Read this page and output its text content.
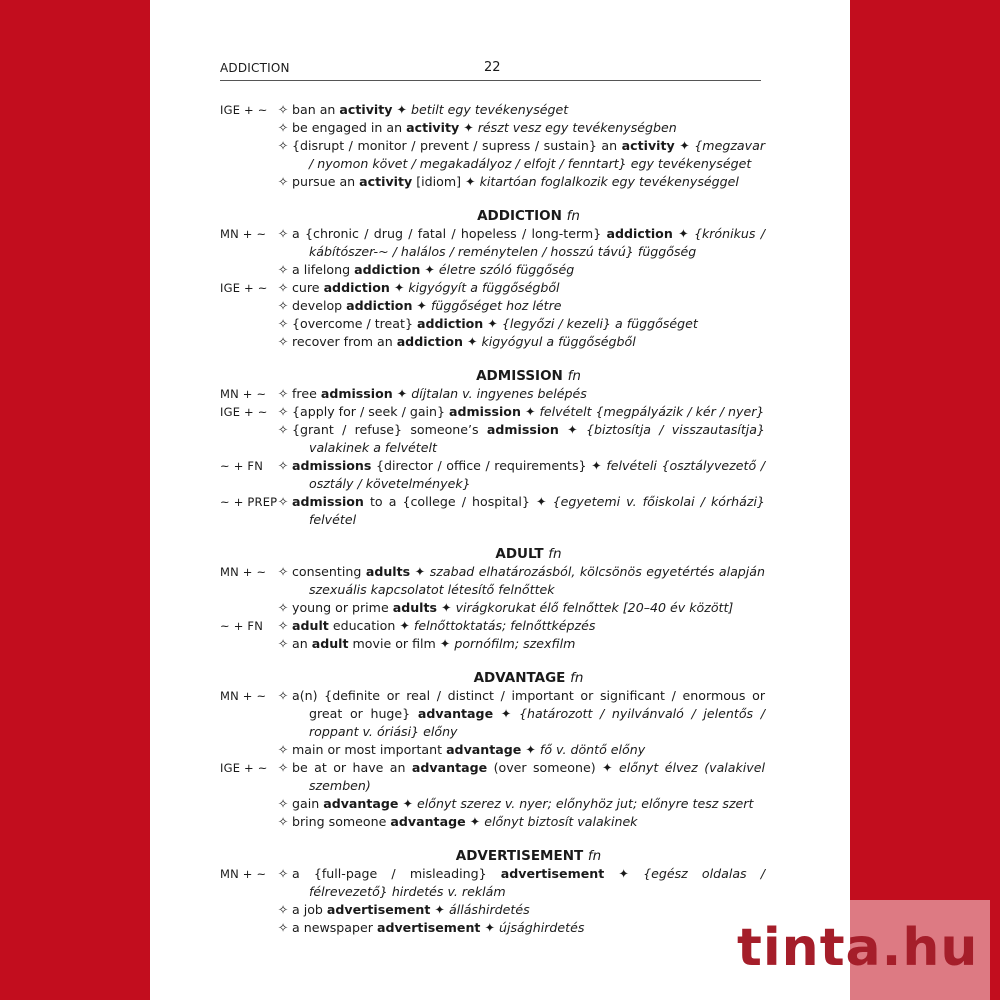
ADDICTION	22
IGE + ~ ✧ ban an activity ✦ betilt egy tevékenységet
✧ be engaged in an activity ✦ részt vesz egy tevékenységben
✧ {disrupt / monitor / prevent / supress / sustain} an activity ✦ {megzavar / nyomon követ / megakadályoz / elfojt / fenntart} egy tevékenységet
✧ pursue an activity [idiom] ✦ kitartóan foglalkozik egy tevékenységgel
ADDICTION fn
MN + ~ ✧ a {chronic / drug / fatal / hopeless / long-term} addiction ✦ {krónikus / kábítószer-~ / halálos / reménytelen / hosszú távú} függőség
✧ a lifelong addiction ✦ életre szóló függőség
IGE + ~ ✧ cure addiction ✦ kigyógyít a függőségből
✧ develop addiction ✦ függőséget hoz létre
✧ {overcome / treat} addiction ✦ {legyőzi / kezeli} a függőséget
✧ recover from an addiction ✦ kigyógyul a függőségből
ADMISSION fn
MN + ~ ✧ free admission ✦ díjtalan v. ingyenes belépés
IGE + ~ ✧ {apply for / seek / gain} admission ✦ felvételt {megpályázik / kér / nyer}
✧ {grant / refuse} someone’s admission ✦ {biztosítja / visszautasítja} valakinek a felvételt
~ + FN	✧ admissions {director / office / requirements} ✦ felvételi {osztályvezető / osztály / követelmények}
~ + PREP ✧ admission to a {college / hospital} ✦ {egyetemi v. főiskolai / kórházi} felvétel
ADULT fn
MN + ~ ✧ consenting adults ✦ szabad elhatározásból, kölcsönös egyetértés alapján szexuális kapcsolatot létesítő felnőttek
✧ young or prime adults ✦ virágkorukat élő felnőttek [20–40 év között]
~ + FN	✧ adult education ✦ felnőttoktatás; felnőttképzés
✧ an adult movie or film ✦ pornófilm; szexfilm
ADVANTAGE fn
MN + ~ ✧ a(n) {definite or real / distinct / important or significant / enormous or great or huge} advantage ✦ {határozott / nyilvánvaló / jelentős / roppant v. óriási} előny
✧ main or most important advantage ✦ fő v. döntő előny
IGE + ~ ✧ be at or have an advantage (over someone) ✦ előnyt élvez (valakivel szemben)
✧ gain advantage ✦ előnyt szerez v. nyer; előnyhöz jut; előnyre tesz szert
✧ bring someone advantage ✦ előnyt biztosít valakinek
ADVERTISEMENT fn
MN + ~ ✧ a {full-page / misleading} advertisement ✦ {egész oldalas / félrevezető} hirdetés v. reklám
✧ a job advertisement ✦ álláshirdetés
✧ a newspaper advertisement ✦ újsághirdetés	tinta.hu
